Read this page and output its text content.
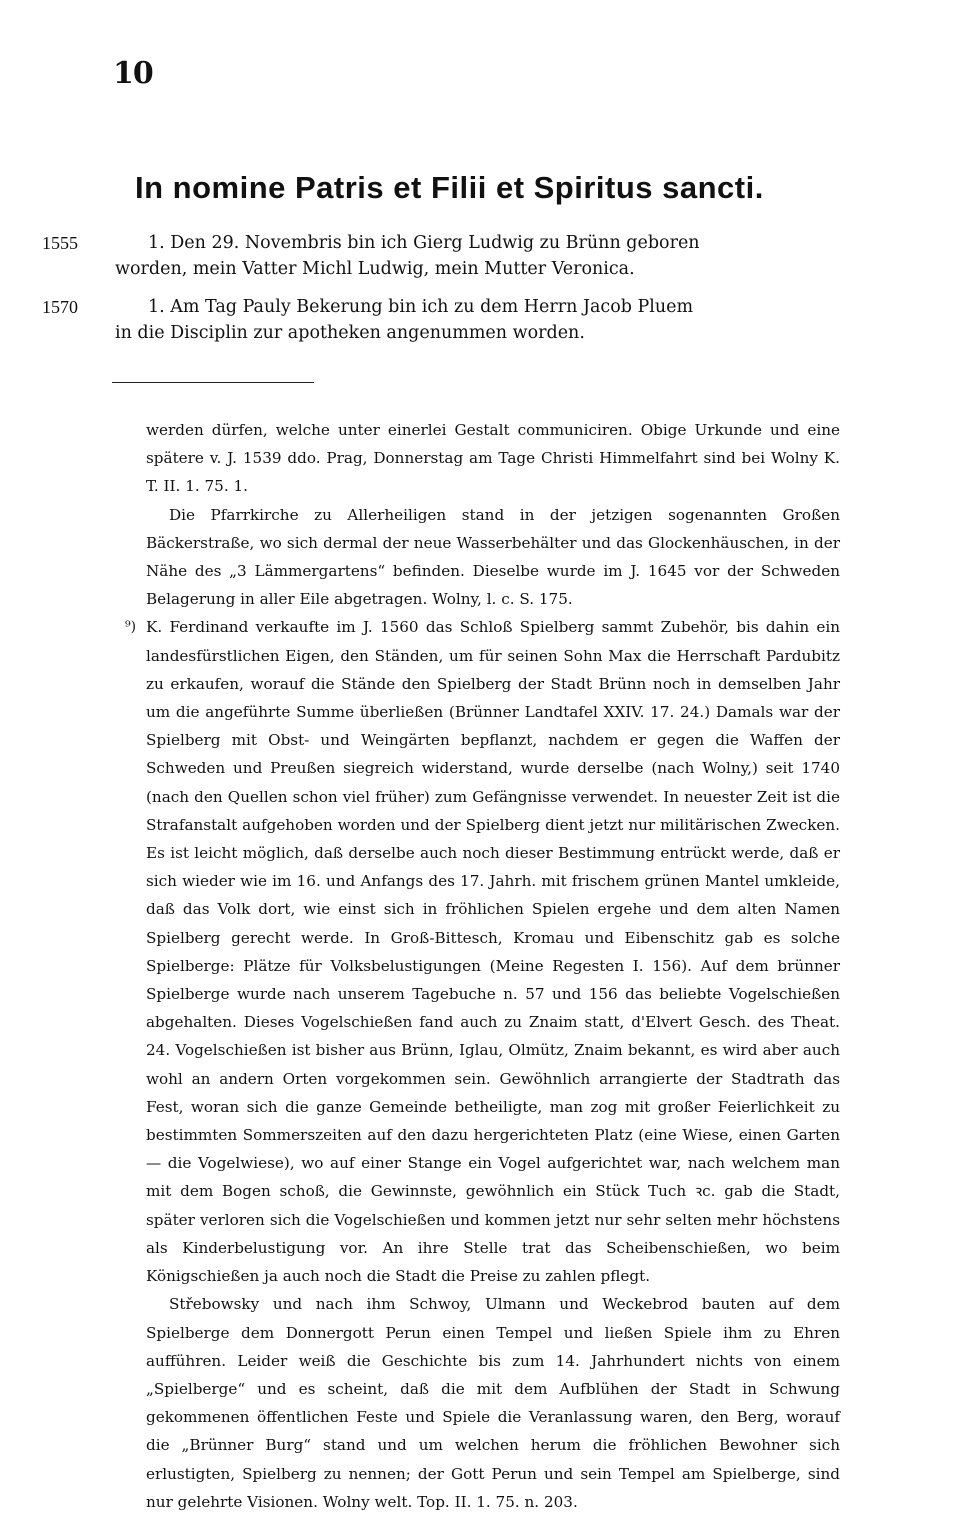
10
In nomine Patris et Filii et Spiritus sancti.
1555	1. Den 29. Novembris bin ich Gierg Ludwig zu Brünn geboren
worden, mein Vatter Michl Ludwig, mein Mutter Veronica.
1570	1. Am Tag Pauly Bekerung bin ich zu dem Herrn Jacob Pluem
in die Disciplin zur apotheken angenummen worden.

werden dürfen, welche unter einerlei Gestalt communiciren. Obige Urkunde und eine spätere v. J. 1539 ddo. Prag, Donnerstag am Tage Christi Himmelfahrt sind bei Wolny K. T. II. 1. 75. 1.

Die Pfarrkirche zu Allerheiligen stand in der jetzigen sogenannten Großen Bäckerstraße, wo sich dermal der neue Wasserbehälter und das Glockenhäuschen, in der Nähe des „3 Lämmergartens“ befinden. Dieselbe wurde im J. 1645 vor der Schweden Belagerung in aller Eile abgetragen. Wolny, l. c. S. 175.

⁹) K. Ferdinand verkaufte im J. 1560 das Schloß Spielberg sammt Zubehör, bis dahin ein landesfürstlichen Eigen, den Ständen, um für seinen Sohn Max die Herrschaft Pardubitz zu erkaufen, worauf die Stände den Spielberg der Stadt Brünn noch in demselben Jahr um die angeführte Summe überließen (Brünner Landtafel XXIV. 17. 24.) Damals war der Spielberg mit Obst- und Weingärten bepflanzt, nachdem er gegen die Waffen der Schweden und Preußen siegreich widerstand, wurde derselbe (nach Wolny,) seit 1740 (nach den Quellen schon viel früher) zum Gefängnisse verwendet. In neuester Zeit ist die Strafanstalt aufgehoben worden und der Spielberg dient jetzt nur militärischen Zwecken. Es ist leicht möglich, daß derselbe auch noch dieser Bestimmung entrückt werde, daß er sich wieder wie im 16. und Anfangs des 17. Jahrh. mit frischem grünen Mantel umkleide, daß das Volk dort, wie einst sich in fröhlichen Spielen ergehe und dem alten Namen Spielberg gerecht werde. In Groß-Bittesch, Kromau und Eibenschitz gab es solche Spielberge: Plätze für Volksbelustigungen (Meine Regesten I. 156). Auf dem brünner Spielberge wurde nach unserem Tagebuche n. 57 und 156 das beliebte Vogelschießen abgehalten. Dieses Vogelschießen fand auch zu Znaim statt, d'Elvert Gesch. des Theat. 24. Vogelschießen ist bisher aus Brünn, Iglau, Olmütz, Znaim bekannt, es wird aber auch wohl an andern Orten vorgekommen sein. Gewöhnlich arrangierte der Stadtrath das Fest, woran sich die ganze Gemeinde betheiligte, man zog mit großer Feierlichkeit zu bestimmten Sommerszeiten auf den dazu hergerichteten Platz (eine Wiese, einen Garten — die Vogelwiese), wo auf einer Stange ein Vogel aufgerichtet war, nach welchem man mit dem Bogen schoß, die Gewinnste, gewöhnlich ein Stück Tuch ꝛc. gab die Stadt, später verloren sich die Vogelschießen und kommen jetzt nur sehr selten mehr höchstens als Kinderbelustigung vor. An ihre Stelle trat das Scheibenschießen, wo beim Königschießen ja auch noch die Stadt die Preise zu zahlen pflegt.

Střebowsky und nach ihm Schwoy, Ulmann und Weckebrod bauten auf dem Spielberge dem Donnergott Perun einen Tempel und ließen Spiele ihm zu Ehren aufführen. Leider weiß die Geschichte bis zum 14. Jahrhundert nichts von einem „Spielberge“ und es scheint, daß die mit dem Aufblühen der Stadt in Schwung gekommenen öffentlichen Feste und Spiele die Veranlassung waren, den Berg, worauf die „Brünner Burg“ stand und um welchen herum die fröhlichen Bewohner sich erlustigten, Spielberg zu nennen; der Gott Perun und sein Tempel am Spielberge, sind nur gelehrte Visionen. Wolny welt. Top. II. 1. 75. n. 203.
